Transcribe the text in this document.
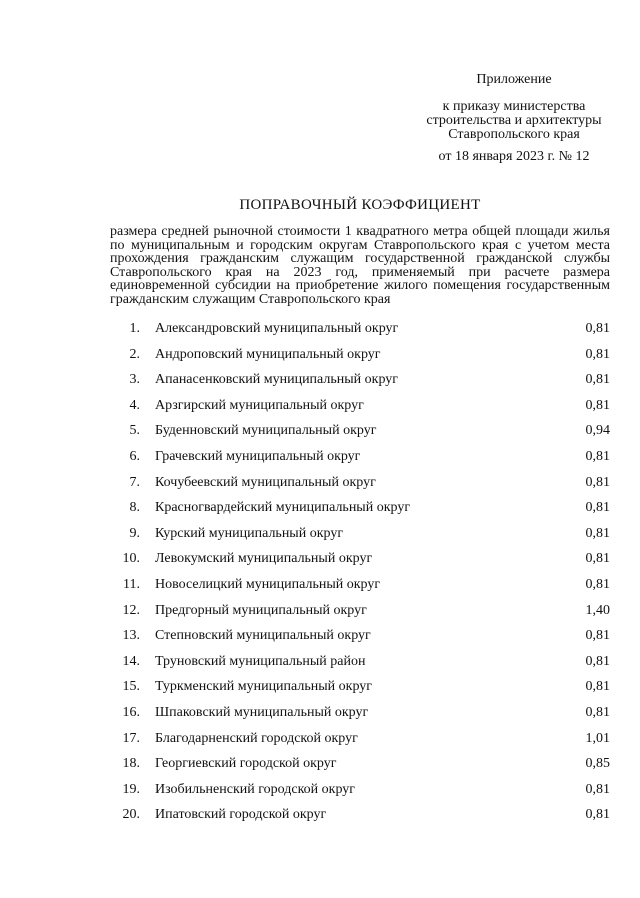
Приложение
к приказу министерства
строительства и архитектуры
Ставропольского края
от 18 января 2023 г. № 12
ПОПРАВОЧНЫЙ КОЭФФИЦИЕНТ
размера средней рыночной стоимости 1 квадратного метра общей площади жилья по муниципальным и городским округам Ставропольского края с учетом места прохождения гражданским служащим государственной гражданской службы Ставропольского края на 2023 год, применяемый при расчете размера единовременной субсидии на приобретение жилого помещения государственным гражданским служащим Ставропольского края
1. Александровский муниципальный округ	0,81
2. Андроповский муниципальный округ	0,81
3. Апанасенковский муниципальный округ	0,81
4. Арзгирский муниципальный округ	0,81
5. Буденновский муниципальный округ	0,94
6. Грачевский муниципальный округ	0,81
7. Кочубеевский муниципальный округ	0,81
8. Красногвардейский муниципальный округ	0,81
9. Курский муниципальный округ	0,81
10. Левокумский муниципальный округ	0,81
11. Новоселицкий муниципальный округ	0,81
12. Предгорный муниципальный округ	1,40
13. Степновский муниципальный округ	0,81
14. Труновский муниципальный район	0,81
15. Туркменский муниципальный округ	0,81
16. Шпаковский муниципальный округ	0,81
17. Благодарненский городской округ	1,01
18. Георгиевский городской округ	0,85
19. Изобильненский городской округ	0,81
20. Ипатовский городской округ	0,81
